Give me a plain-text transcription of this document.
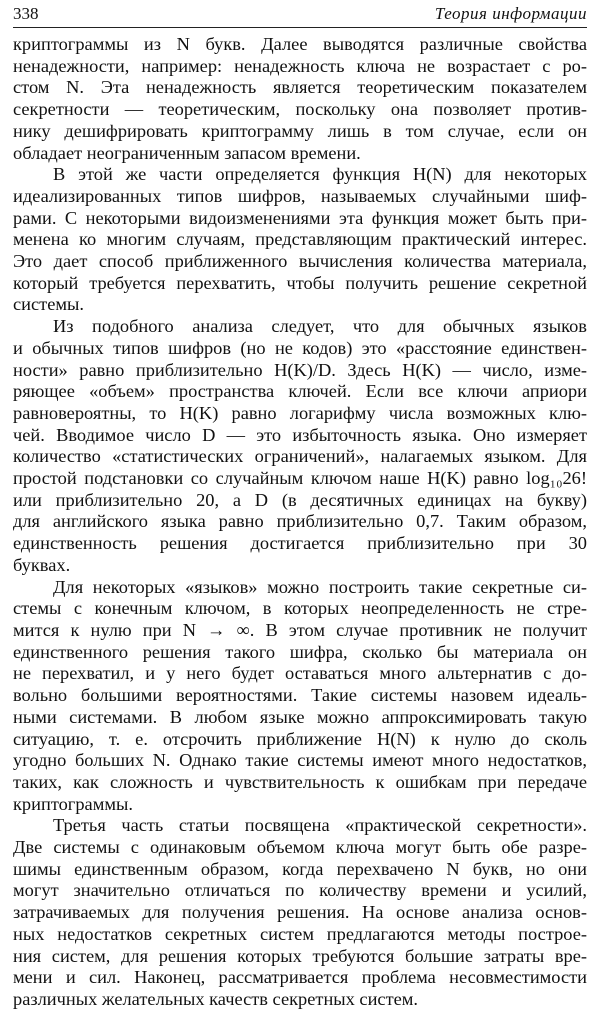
338	Теория информации

криптограммы из N букв. Далее выводятся различные свойства
ненадежности, например: ненадежность ключа не возрастает с ро-
стом N. Эта ненадежность является теоретическим показателем
секретности — теоретическим, поскольку она позволяет против-
нику дешифрировать криптограмму лишь в том случае, если он
обладает неограниченным запасом времени.

В этой же части определяется функция H(N) для некоторых
идеализированных типов шифров, называемых случайными шиф-
рами. С некоторыми видоизменениями эта функция может быть при-
менена ко многим случаям, представляющим практический интерес.
Это дает способ приближенного вычисления количества материала,
который требуется перехватить, чтобы получить решение секретной
системы.

Из подобного анализа следует, что для обычных языков
и обычных типов шифров (но не кодов) это «расстояние единствен-
ности» равно приблизительно H(K)/D. Здесь H(K) — число, изме-
ряющее «объем» пространства ключей. Если все ключи априори
равновероятны, то H(K) равно логарифму числа возможных клю-
чей. Вводимое число D — это избыточность языка. Оно измеряет
количество «статистических ограничений», налагаемых языком. Для
простой подстановки со случайным ключом наше H(K) равно log₁₀26!
или приблизительно 20, а D (в десятичных единицах на букву)
для английского языка равно приблизительно 0,7. Таким образом,
единственность решения достигается приблизительно при 30
буквах.

Для некоторых «языков» можно построить такие секретные си-
стемы с конечным ключом, в которых неопределенность не стре-
мится к нулю при N → ∞. В этом случае противник не получит
единственного решения такого шифра, сколько бы материала он
не перехватил, и у него будет оставаться много альтернатив с до-
вольно большими вероятностями. Такие системы назовем идеаль-
ными системами. В любом языке можно аппроксимировать такую
ситуацию, т. е. отсрочить приближение H(N) к нулю до сколь
угодно больших N. Однако такие системы имеют много недостатков,
таких, как сложность и чувствительность к ошибкам при передаче
криптограммы.

Третья часть статьи посвящена «практической секретности».
Две системы с одинаковым объемом ключа могут быть обе разре-
шимы единственным образом, когда перехвачено N букв, но они
могут значительно отличаться по количеству времени и усилий,
затрачиваемых для получения решения. На основе анализа основ-
ных недостатков секретных систем предлагаются методы построе-
ния систем, для решения которых требуются большие затраты вре-
мени и сил. Наконец, рассматривается проблема несовместимости
различных желательных качеств секретных систем.
